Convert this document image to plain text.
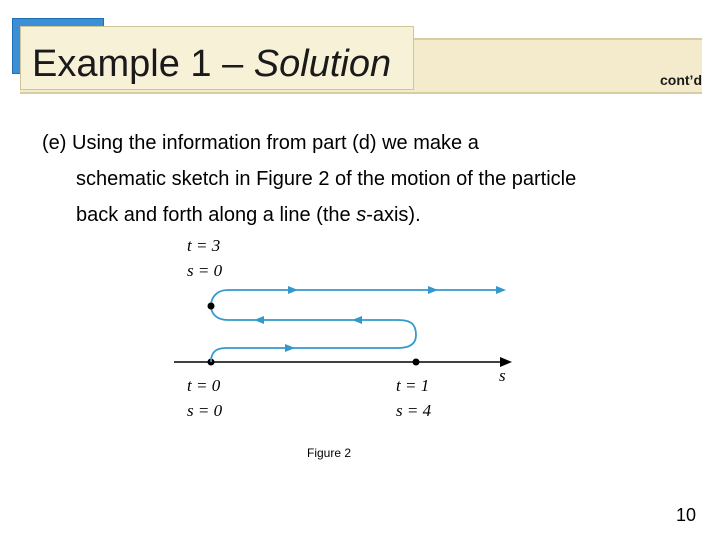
Example 1 – Solution	cont’d
(e) Using the information from part (d) we make a
schematic sketch in Figure 2 of the motion of the particle
back and forth along a line (the s-axis).
t = 3
s = 0
t = 0
s = 0
t = 1
s = 4
s
Figure 2
10
